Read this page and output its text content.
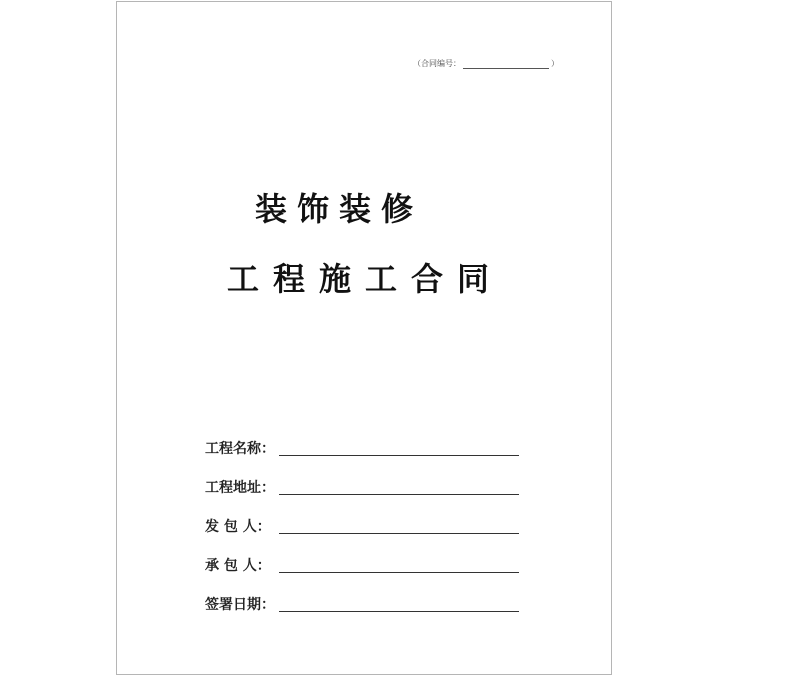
（合同编号：	）
装饰装修
工程施工合同
工程名称：
工程地址：
发 包 人：
承 包 人：
签署日期：
